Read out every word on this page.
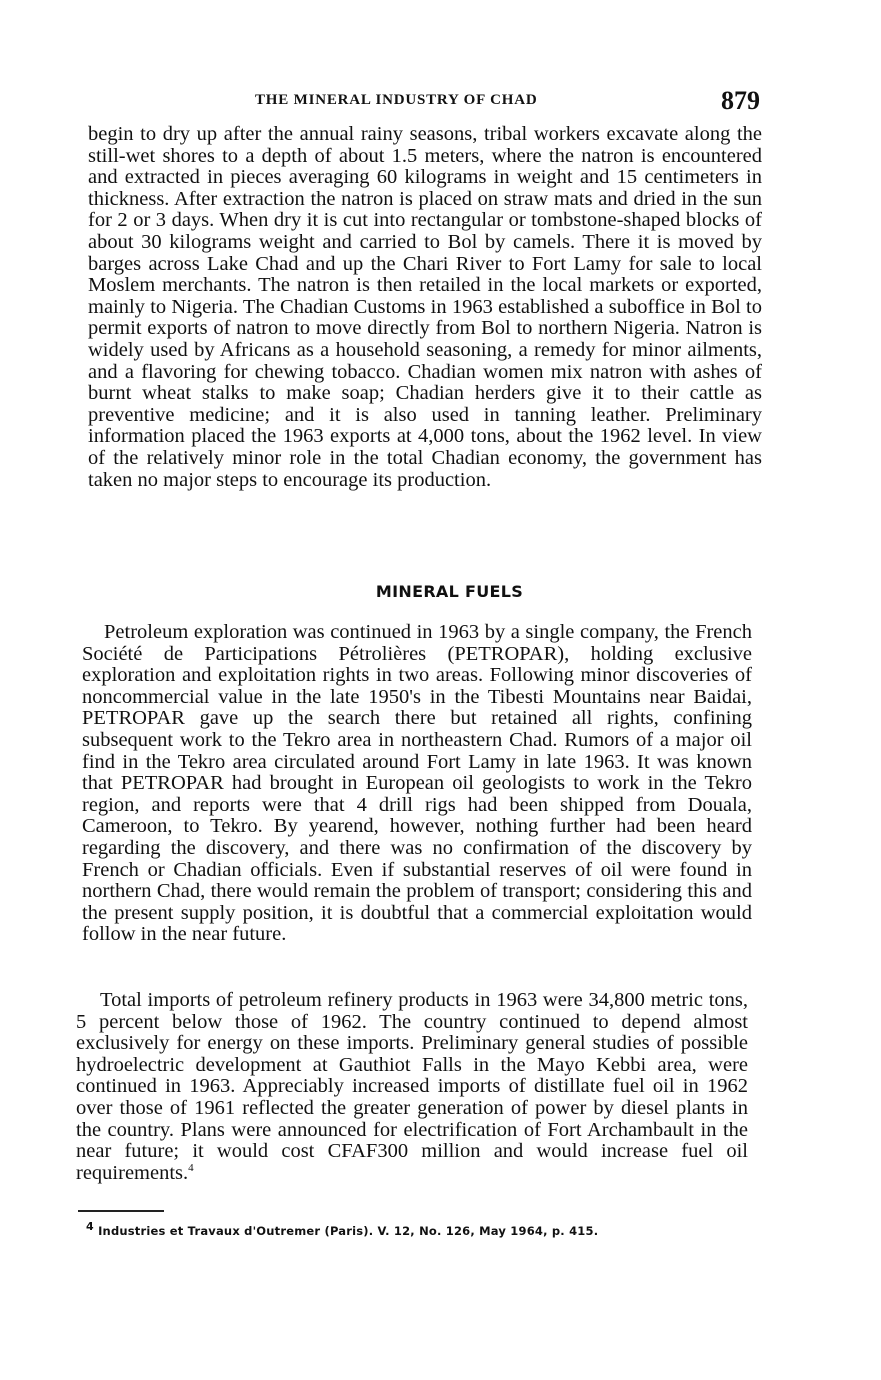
THE MINERAL INDUSTRY OF CHAD	879

begin to dry up after the annual rainy seasons, tribal workers excavate along the still-wet shores to a depth of about 1.5 meters, where the natron is encountered and extracted in pieces averaging 60 kilograms in weight and 15 centimeters in thickness. After extraction the natron is placed on straw mats and dried in the sun for 2 or 3 days. When dry it is cut into rectangular or tombstone-shaped blocks of about 30 kilograms weight and carried to Bol by camels. There it is moved by barges across Lake Chad and up the Chari River to Fort Lamy for sale to local Moslem merchants. The natron is then retailed in the local markets or exported, mainly to Nigeria. The Chadian Customs in 1963 established a suboffice in Bol to permit exports of natron to move directly from Bol to northern Nigeria. Natron is widely used by Africans as a household seasoning, a remedy for minor ailments, and a flavoring for chewing tobacco. Chadian women mix natron with ashes of burnt wheat stalks to make soap; Chadian herders give it to their cattle as preventive medicine; and it is also used in tanning leather. Preliminary information placed the 1963 exports at 4,000 tons, about the 1962 level. In view of the relatively minor role in the total Chadian economy, the government has taken no major steps to encourage its production.

MINERAL FUELS

Petroleum exploration was continued in 1963 by a single company, the French Société de Participations Pétrolières (PETROPAR), holding exclusive exploration and exploitation rights in two areas. Following minor discoveries of noncommercial value in the late 1950's in the Tibesti Mountains near Baidai, PETROPAR gave up the search there but retained all rights, confining subsequent work to the Tekro area in northeastern Chad. Rumors of a major oil find in the Tekro area circulated around Fort Lamy in late 1963. It was known that PETROPAR had brought in European oil geologists to work in the Tekro region, and reports were that 4 drill rigs had been shipped from Douala, Cameroon, to Tekro. By yearend, however, nothing further had been heard regarding the discovery, and there was no confirmation of the discovery by French or Chadian officials. Even if substantial reserves of oil were found in northern Chad, there would remain the problem of transport; considering this and the present supply position, it is doubtful that a commercial exploitation would follow in the near future.

Total imports of petroleum refinery products in 1963 were 34,800 metric tons, 5 percent below those of 1962. The country continued to depend almost exclusively for energy on these imports. Preliminary general studies of possible hydroelectric development at Gauthiot Falls in the Mayo Kebbi area, were continued in 1963. Appreciably increased imports of distillate fuel oil in 1962 over those of 1961 reflected the greater generation of power by diesel plants in the country. Plans were announced for electrification of Fort Archambault in the near future; it would cost CFAF300 million and would increase fuel oil requirements.$^4$

$^4$ Industries et Travaux d'Outremer (Paris). V. 12, No. 126, May 1964, p. 415.
